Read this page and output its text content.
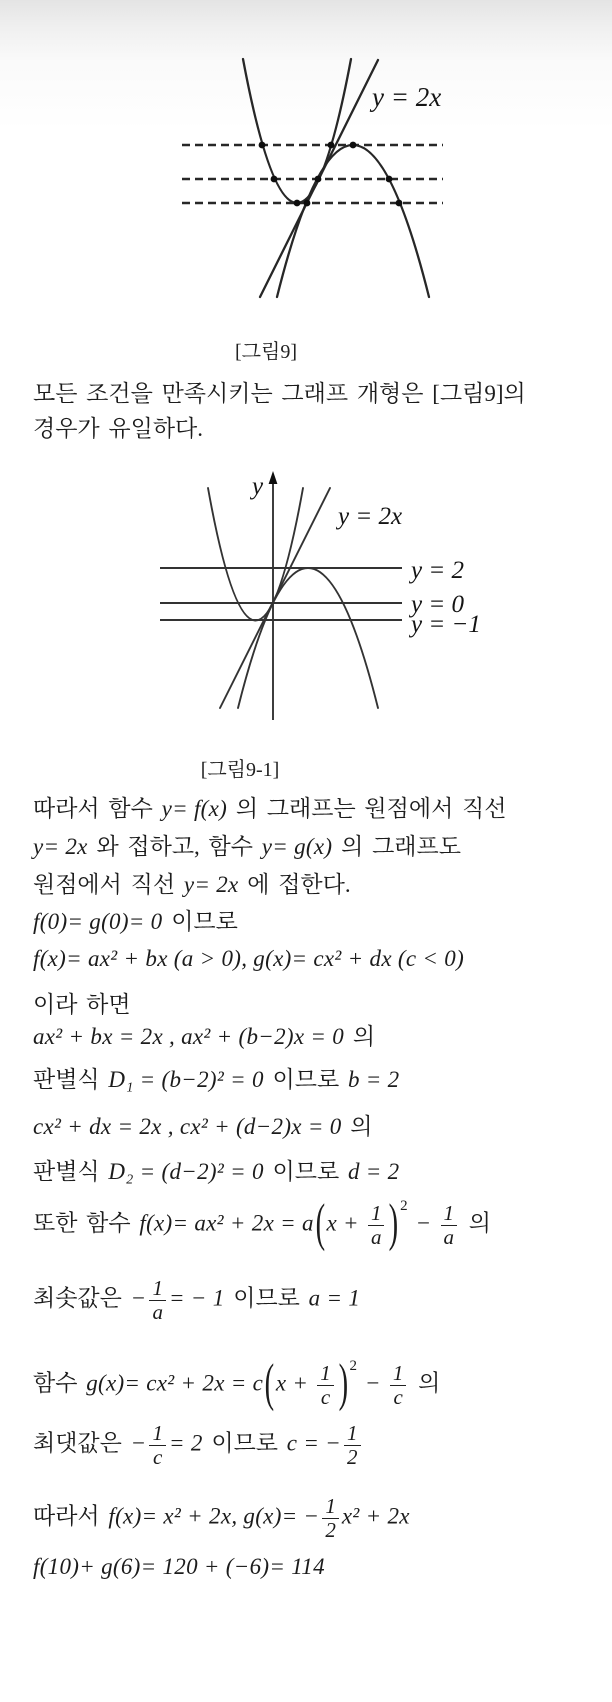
y = 2x
[그림9]
모든 조건을 만족시키는 그래프 개형은 [그림9]의
경우가 유일하다.
y
y = 2x
y = 2
y = 0
y = −1
[그림9-1]
따라서 함수 y= f(x) 의 그래프는 원점에서 직선
y= 2x 와 접하고, 함수 y= g(x) 의 그래프도
원점에서 직선 y= 2x 에 접한다.
f(0)= g(0)= 0 이므로
f(x)= ax² + bx (a > 0), g(x)= cx² + dx (c < 0)
이라 하면
ax² + bx = 2x , ax² + (b−2)x = 0 의
판별식 D₁ = (b−2)² = 0 이므로 b = 2
cx² + dx = 2x , cx² + (d−2)x = 0 의
판별식 D₂ = (d−2)² = 0 이므로 d = 2
또한 함수 $f(x)= ax^2 + 2x = a(x + \frac{1}{a}$ ) $2 - \frac{1}{a}$ 의
최솟값은 − $\frac{1}{a}$ = − 1 이므로 a = 1
함수 $g(x)= cx^2 + 2x = c(x + \frac{1}{c}$ ) $2 - \frac{1}{c}$ 의
최댓값은 − $\frac{1}{c} = 2$ 이므로 c = − $\frac{1}{2}$
따라서 f(x)= x² + 2x, $g(x)= - \frac{1}{2} x^2 + 2x$
f(10)+ g(6)= 120 + (−6)= 114
